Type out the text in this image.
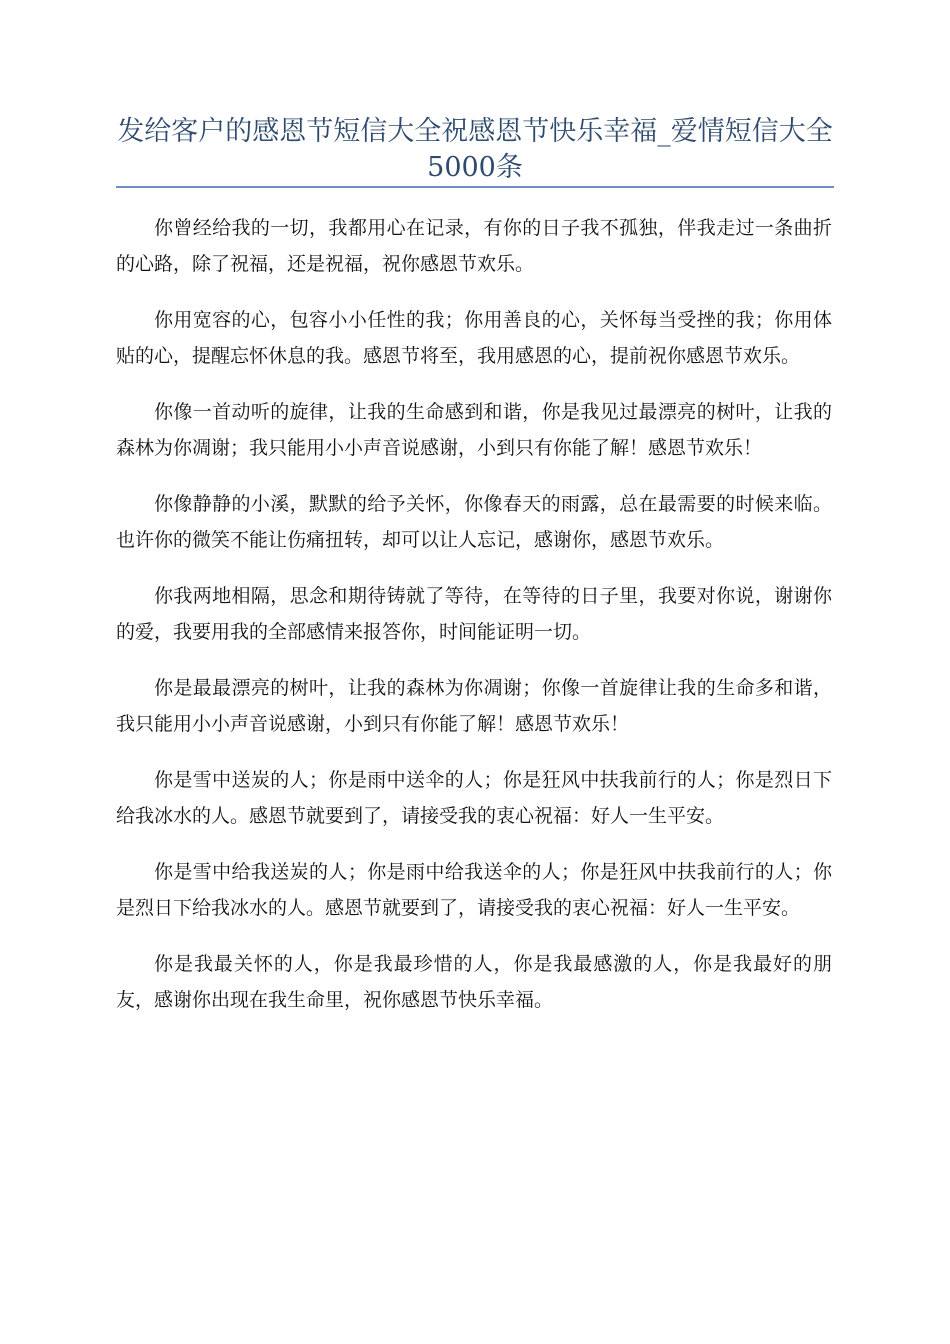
发给客户的感恩节短信大全祝感恩节快乐幸福_爱情短信大全5000条

你曾经给我的一切，我都用心在记录，有你的日子我不孤独，伴我走过一条曲折的心路，除了祝福，还是祝福，祝你感恩节欢乐。

你用宽容的心，包容小小任性的我；你用善良的心，关怀每当受挫的我；你用体贴的心，提醒忘怀休息的我。感恩节将至，我用感恩的心，提前祝你感恩节欢乐。

你像一首动听的旋律，让我的生命感到和谐，你是我见过最漂亮的树叶，让我的森林为你凋谢；我只能用小小声音说感谢，小到只有你能了解！感恩节欢乐！

你像静静的小溪，默默的给予关怀，你像春天的雨露，总在最需要的时候来临。也许你的微笑不能让伤痛扭转，却可以让人忘记，感谢你，感恩节欢乐。

你我两地相隔，思念和期待铸就了等待，在等待的日子里，我要对你说，谢谢你的爱，我要用我的全部感情来报答你，时间能证明一切。

你是最最漂亮的树叶，让我的森林为你凋谢；你像一首旋律让我的生命多和谐，我只能用小小声音说感谢，小到只有你能了解！感恩节欢乐！

你是雪中送炭的人；你是雨中送伞的人；你是狂风中扶我前行的人；你是烈日下给我冰水的人。感恩节就要到了，请接受我的衷心祝福：好人一生平安。

你是雪中给我送炭的人；你是雨中给我送伞的人；你是狂风中扶我前行的人；你是烈日下给我冰水的人。感恩节就要到了，请接受我的衷心祝福：好人一生平安。

你是我最关怀的人，你是我最珍惜的人，你是我最感激的人，你是我最好的朋友，感谢你出现在我生命里，祝你感恩节快乐幸福。
